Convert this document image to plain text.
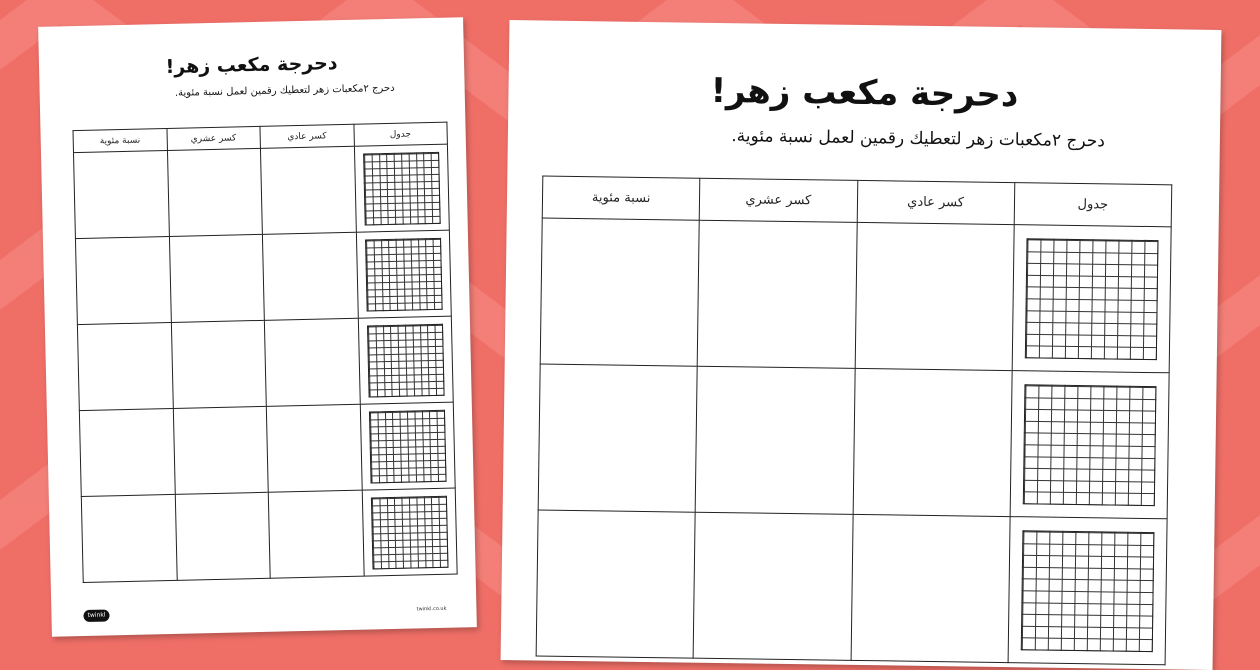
دحرجة مكعب زهر!
دحرج ٢مكعبات زهر لتعطيك رقمين لعمل نسبة مئوية.
جدول	كسر عادي	كسر عشري	نسبة مئوية

twinkl
twinkl.co.uk
دحرجة مكعب زهر!
دحرج ٢مكعبات زهر لتعطيك رقمين لعمل نسبة مئوية.
جدول	كسر عادي	كسر عشري	نسبة مئوية
